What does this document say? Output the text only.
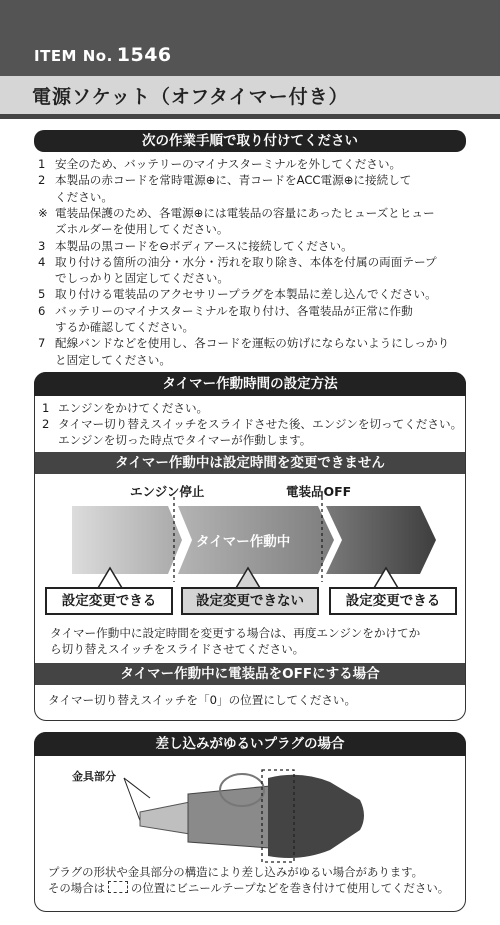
ITEM No. 1546
電源ソケット（オフタイマー付き）
次の作業手順で取り付けてください
1 安全のため、バッテリーのマイナスターミナルを外してください。
2 本製品の赤コードを常時電源⊕に、青コードをACC電源⊕に接続して
ください。
※ 電装品保護のため、各電源⊕には電装品の容量にあったヒューズとヒュー
ズホルダーを使用してください。
3 本製品の黒コードを⊖ボディアースに接続してください。
4 取り付ける箇所の油分・水分・汚れを取り除き、本体を付属の両面テープ
でしっかりと固定してください。
5 取り付ける電装品のアクセサリープラグを本製品に差し込んでください。
6 バッテリーのマイナスターミナルを取り付け、各電装品が正常に作動
するか確認してください。
7 配線バンドなどを使用し、各コードを運転の妨げにならないようにしっかり
と固定してください。
タイマー作動時間の設定方法
1 エンジンをかけてください。
2 タイマー切り替えスイッチをスライドさせた後、エンジンを切ってください。
エンジンを切った時点でタイマーが作動します。
タイマー作動中は設定時間を変更できません
エンジン停止	電装品OFF
タイマー作動中
設定変更できる	設定変更できない	設定変更できる
タイマー作動中に設定時間を変更する場合は、再度エンジンをかけてか
ら切り替えスイッチをスライドさせてください。
タイマー作動中に電装品をOFFにする場合
タイマー切り替えスイッチを「0」の位置にしてください。
差し込みがゆるいプラグの場合
金具部分
プラグの形状や金具部分の構造により差し込みがゆるい場合があります。
その場合は の位置にビニールテープなどを巻き付けて使用してください。
